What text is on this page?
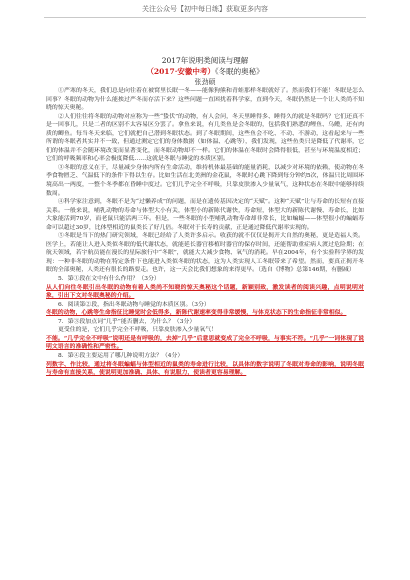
关注公众号【初中每日练】获取更多内容
2017年说明类阅读与理解
（2017·安徽中考）《冬眠的奥秘》
张劲硕

①严寒的冬天，我们总是向往着在被窝里长眠一冬——能像狗熊和青蛙那样冬眠就好了。然而我们不能！冬眠是怎么回事？冬眠的动物为什么能挨过严冬而存活下来？这些问题一直困扰着科学家，直到今天，冬眠仍然是一个让人类尚不知晓的惊天奥秘。

②人们往往将冬眠的动物对应称为一些“蛰伏”的动物，有人会问，冬天里睡得多、睡得久的就是冬眠吗？它们还真不是一回事儿，只是二者的区别不太容易区分罢了。拿鱼来说，有几类鱼是会冬眠的，包括我们熟悉的鲤鱼、乌鳢，还有肉质的鲫鱼。每当冬天来临，它们就把自己潜到冬眠状态。到了冬眠期间，这些鱼会不吃、不动、不游动，这看起来与一些所谓的冬眠者其实并不一致，但通过测定它们的身体数据（如体温、心跳等），我们发现，这些鱼类只是降低了代谢率，它们的体温并不会随环境改变而显著变化，而冬眠动物却不一样。它们的体温在冬眠时会降得很低，甚至与环境温度相近；它们的呼吸频率和心率会极度降低……这就是冬眠与睡觉的本质区别。

③冬眠的意义在于，尽量减少身体内所有生命活动，维持机体最基础的能量消耗，以减少对环境的依赖，使动物在冬季食物匮乏、气温低下的条件下得以生存。比如生活在北美洲的金花鼠，冬眠时心跳下降到每分钟约5次，体温只比周围环境高出一两度，一整个冬季都在昏睡中度过。它们几乎完全不呼吸，只靠皮肤渗入少量氧气，这种状态在冬眠中能够持续数周。

④科学家注意到，冬眠不是为“过懒养成”的问题，而是在遗传基因决定的“天赋”。这种“天赋”让与寿命的长短有直接关系。一般来说，哺乳动物的寿命与体型大小有关，体型小的新陈代谢快，寿命短，体型大的新陈代谢慢、寿命长，比如大象能活到70岁，而老鼠只能活两三年。但是，一些冬眠的小型哺乳动物寿命却非常长，比如蝙蝠——体型很小的蝙蝠寿命可以超过30岁，比体型相近的鼠类长了好几倍。冬眠对于长寿的贡献，正是通过降低代谢率实现的。

⑤冬眠是当下的热门研究领域，冬眠已经给了人类许多启示。收获的就不仅仅是揭开大自然的奥秘，更是造福人类。医学上，若能让人进入类似冬眠的低代谢状态，就能延长器官移植时器官的保存时间，还能帮助重症病人渡过危险期；在航天领域，若宇航员能在漫长的星际旅行中“冬眠”，就能大大减少食物、氧气的消耗。早在2004年，有个实验科学界的发现：一种非冬眠的动物在特定条件下也能进入类似冬眠的状态，这为人类实现人工冬眠带来了希望。然而，要真正揭开冬眠的全部奥秘，人类还有很长的路要走。也许，这一天会比我们想象的来得更早。（选自《博物》总第146期，有删减）

5．第①段在文中有什么作用？（3分）

从人们向往冬眠引出冬眠的动物有着人类尚不知晓的惊天奥秘这个话题，新颖别致，激发读者的阅读兴趣，点明说明对象，引出下文对冬眠奥秘的介绍。

6．阅读第②段，指出冬眠动物与睡觉的本质区别。（3分）

冬眠的动物，心跳等生命指征比睡觉时会低得多，新陈代谢速率变得非常缓慢，与体克状态下的生命指征非常相似。

7．第③段加点词“几乎”能否删去，为什么？（3分）

更受住的是，它们几乎完全不呼吸，只靠皮肤渗入少量氧气！

不能。“几乎完全不呼吸”说明还是有呼吸的，去掉“几乎”后意思就变成了完全不呼吸，与事实不符。“几乎”一词体现了说明文语言的准确性和严密性。

8．第④段主要运用了哪几种说明方法？（4分）

列数字、作比较，通过将冬眠蝙蝠与体型相近的鼠类的寿命进行比较，以具体的数字说明了冬眠对寿命的影响，说明冬眠与寿命有直接关系，使说明更加准确、具体、有说服力，使读者更容易理解。
